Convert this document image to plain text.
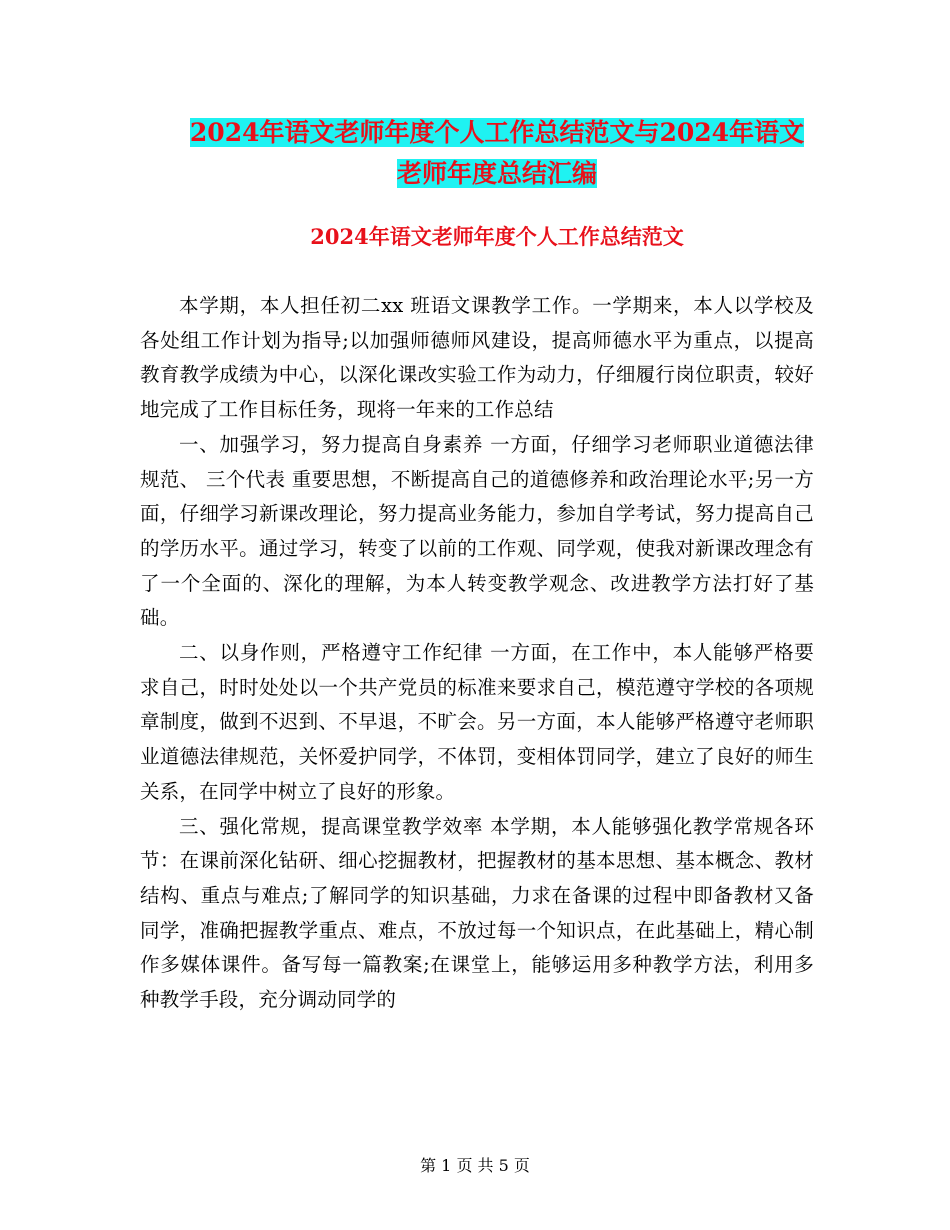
2024年语文老师年度个人工作总结范文与2024年语文
老师年度总结汇编
2024年语文老师年度个人工作总结范文

本学期，本人担任初二xx 班语文课教学工作。一学期来，本人以学校及各处组工作计划为指导;以加强师德师风建设，提高师德水平为重点，以提高教育教学成绩为中心，以深化课改实验工作为动力，仔细履行岗位职责，较好地完成了工作目标任务，现将一年来的工作总结

一、加强学习，努力提高自身素养 一方面，仔细学习老师职业道德法律规范、 三个代表 重要思想，不断提高自己的道德修养和政治理论水平;另一方面，仔细学习新课改理论，努力提高业务能力，参加自学考试，努力提高自己的学历水平。通过学习，转变了以前的工作观、同学观，使我对新课改理念有了一个全面的、深化的理解，为本人转变教学观念、改进教学方法打好了基础。

二、以身作则，严格遵守工作纪律 一方面，在工作中，本人能够严格要求自己，时时处处以一个共产党员的标准来要求自己，模范遵守学校的各项规章制度，做到不迟到、不早退，不旷会。另一方面，本人能够严格遵守老师职业道德法律规范，关怀爱护同学，不体罚，变相体罚同学，建立了良好的师生关系，在同学中树立了良好的形象。

三、强化常规，提高课堂教学效率 本学期，本人能够强化教学常规各环节：在课前深化钻研、细心挖掘教材，把握教材的基本思想、基本概念、教材结构、重点与难点;了解同学的知识基础，力求在备课的过程中即备教材又备同学，准确把握教学重点、难点，不放过每一个知识点，在此基础上，精心制作多媒体课件。备写每一篇教案;在课堂上，能够运用多种教学方法，利用多种教学手段，充分调动同学的

第 1 页 共 5 页
